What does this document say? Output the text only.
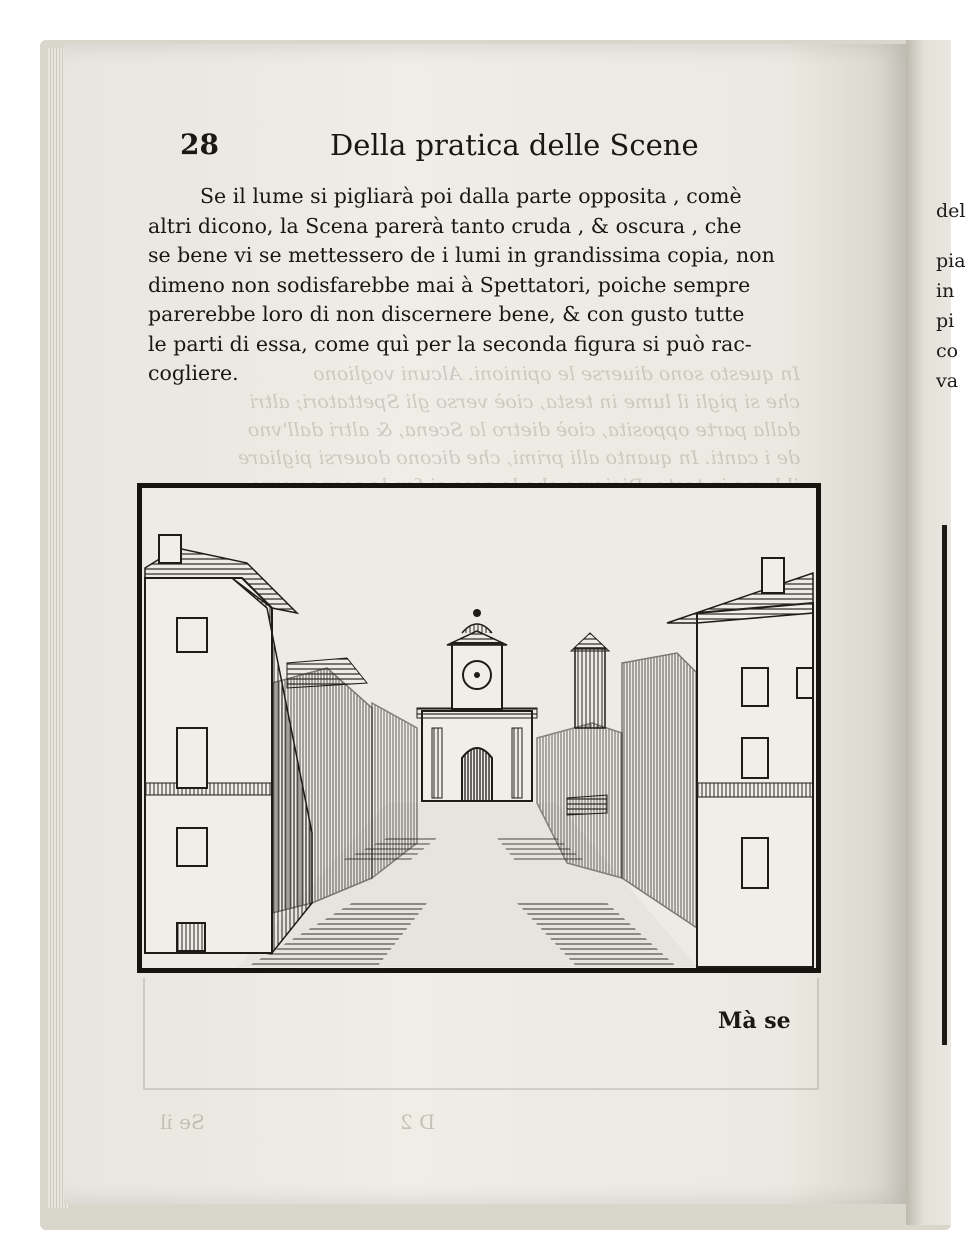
del
pia
in
pi
co
va
In questo sono diuerse le opinioni. Alcuni vogliono
che si pigli il lume in testa, cioè verso gli Spettatori; altri
dalla parte opposita, cioè dietro la Scena, & altri dall'vno
de i canti. In quanto alli primi, che dicono douersi pigliare
28	Della pratica delle Scene
Se il lume si pigliarà poi dalla parte opposita , comè
altri dicono, la Scena parerà tanto cruda , & oscura , che
se bene vi se mettessero de i lumi in grandissima copia, non
dimeno non sodisfarebbe mai à Spettatori, poiche sempre
parerebbe loro di non discernere bene, & con gusto tutte
le parti di essa, come quì per la seconda figura si può rac-
cogliere.
Mà se
Se il	D 2
